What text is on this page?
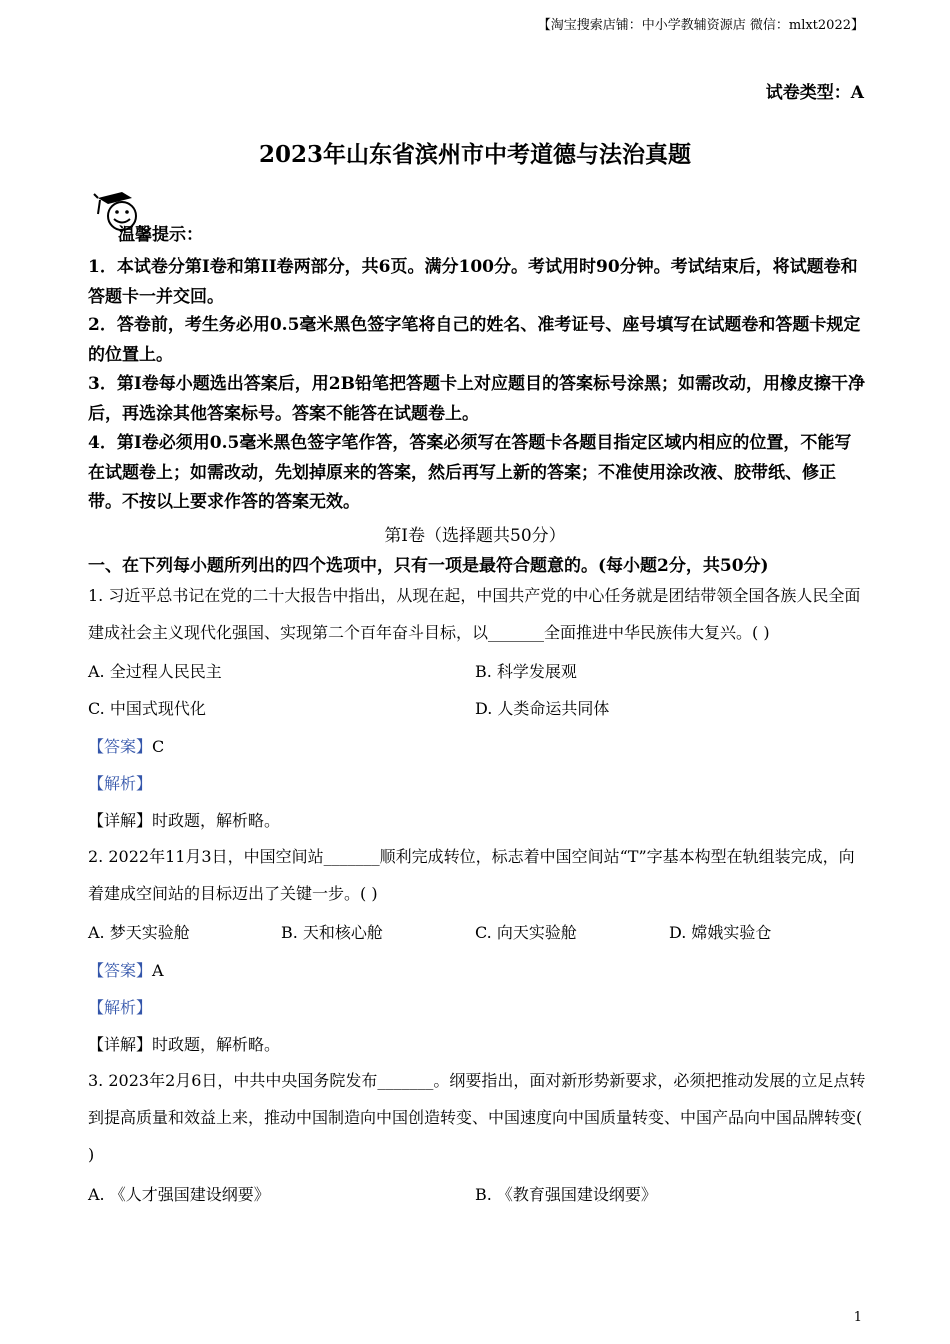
【淘宝搜索店铺：中小学教辅资源店 微信：mlxt2022】
试卷类型：A
2023年山东省滨州市中考道德与法治真题
温馨提示：
1．本试卷分第I卷和第II卷两部分，共6页。满分100分。考试用时90分钟。考试结束后，将试题卷和答题卡一并交回。
2．答卷前，考生务必用0.5毫米黑色签字笔将自己的姓名、准考证号、座号填写在试题卷和答题卡规定的位置上。
3．第Ⅰ卷每小题选出答案后，用2B铅笔把答题卡上对应题目的答案标号涂黑；如需改动，用橡皮擦干净后，再选涂其他答案标号。答案不能答在试题卷上。
4．第I卷必须用0.5毫米黑色签字笔作答，答案必须写在答题卡各题目指定区域内相应的位置，不能写在试题卷上；如需改动，先划掉原来的答案，然后再写上新的答案；不准使用涂改液、胶带纸、修正带。不按以上要求作答的答案无效。
第Ⅰ卷（选择题共50分）
一、在下列每小题所列出的四个选项中，只有一项是最符合题意的。(每小题2分，共50分)
1. 习近平总书记在党的二十大报告中指出，从现在起，中国共产党的中心任务就是团结带领全国各族人民全面建成社会主义现代化强国、实现第二个百年奋斗目标，以_______全面推进中华民族伟大复兴。( )
A. 全过程人民民主	B. 科学发展观
C. 中国式现代化	D. 人类命运共同体
【答案】C
【解析】
【详解】时政题，解析略。
2. 2022年11月3日，中国空间站_______顺利完成转位，标志着中国空间站“T”字基本构型在轨组装完成，向着建成空间站的目标迈出了关键一步。( )
A. 梦天实验舱	B. 天和核心舱	C. 向天实验舱	D. 嫦娥实验仓
【答案】A
【解析】
【详解】时政题，解析略。
3. 2023年2月6日，中共中央国务院发布_______。纲要指出，面对新形势新要求，必须把推动发展的立足点转到提高质量和效益上来，推动中国制造向中国创造转变、中国速度向中国质量转变、中国产品向中国品牌转变( )
A. 《人才强国建设纲要》	B. 《教育强国建设纲要》
1
